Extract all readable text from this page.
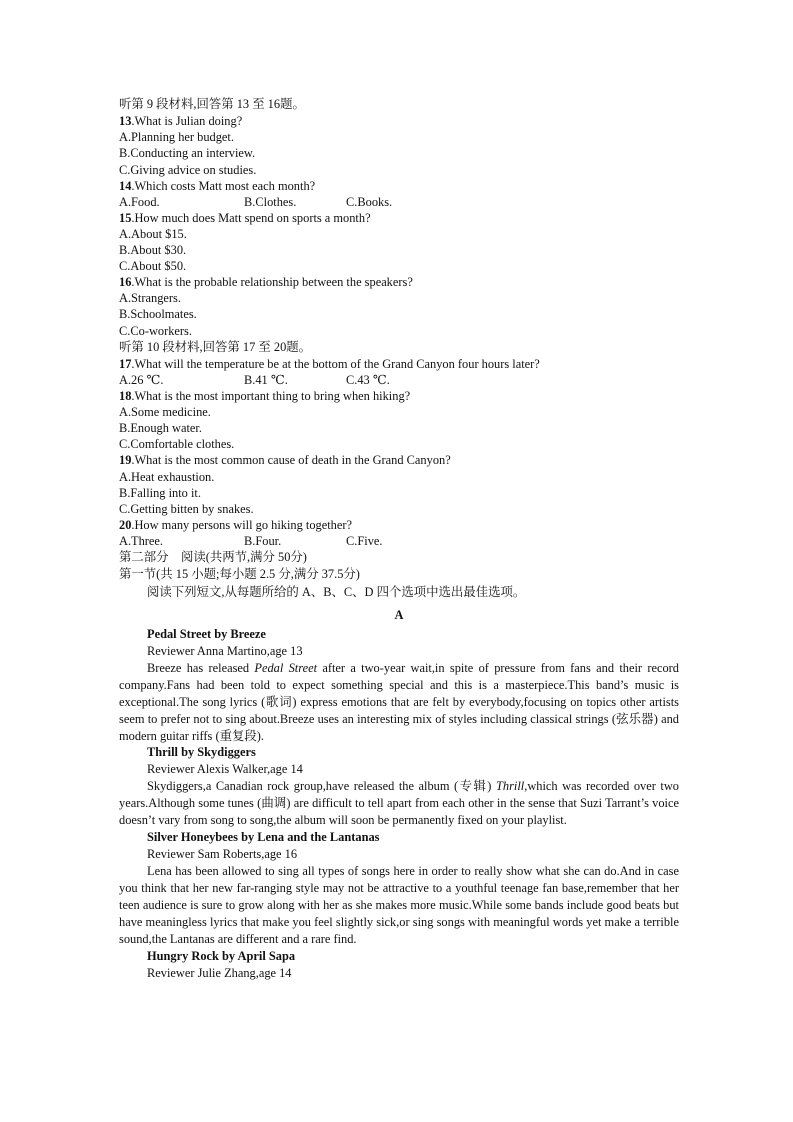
听第 9 段材料,回答第 13 至 16题。
13.What is Julian doing?
A.Planning her budget.
B.Conducting an interview.
C.Giving advice on studies.
14.Which costs Matt most each month?
A.Food.	B.Clothes.	C.Books.
15.How much does Matt spend on sports a month?
A.About $15.
B.About $30.
C.About $50.
16.What is the probable relationship between the speakers?
A.Strangers.
B.Schoolmates.
C.Co-workers.
听第 10 段材料,回答第 17 至 20题。
17.What will the temperature be at the bottom of the Grand Canyon four hours later?
A.26 ℃.	B.41 ℃.	C.43 ℃.
18.What is the most important thing to bring when hiking?
A.Some medicine.
B.Enough water.
C.Comfortable clothes.
19.What is the most common cause of death in the Grand Canyon?
A.Heat exhaustion.
B.Falling into it.
C.Getting bitten by snakes.
20.How many persons will go hiking together?
A.Three.	B.Four.	C.Five.
第二部分　阅读(共两节,满分 50分)
第一节(共 15 小题;每小题 2.5 分,满分 37.5分)
阅读下列短文,从每题所给的 A、B、C、D 四个选项中选出最佳选项。
A
Pedal Street by Breeze
Reviewer Anna Martino,age 13

Breeze has released Pedal Street after a two-year wait,in spite of pressure from fans and their record company.Fans had been told to expect something special and this is a masterpiece.This band’s music is exceptional.The song lyrics (歌词) express emotions that are felt by everybody,focusing on topics other artists seem to prefer not to sing about.Breeze uses an interesting mix of styles including classical strings (弦乐器) and modern guitar riffs (重复段).

Thrill by Skydiggers
Reviewer Alexis Walker,age 14

Skydiggers,a Canadian rock group,have released the album (专辑) Thrill,which was recorded over two years.Although some tunes (曲调) are difficult to tell apart from each other in the sense that Suzi Tarrant’s voice doesn’t vary from song to song,the album will soon be permanently fixed on your playlist.

Silver Honeybees by Lena and the Lantanas
Reviewer Sam Roberts,age 16

Lena has been allowed to sing all types of songs here in order to really show what she can do.And in case you think that her new far-ranging style may not be attractive to a youthful teenage fan base,remember that her teen audience is sure to grow along with her as she makes more music.While some bands include good beats but have meaningless lyrics that make you feel slightly sick,or sing songs with meaningful words yet make a terrible sound,the Lantanas are different and a rare find.

Hungry Rock by April Sapa
Reviewer Julie Zhang,age 14
